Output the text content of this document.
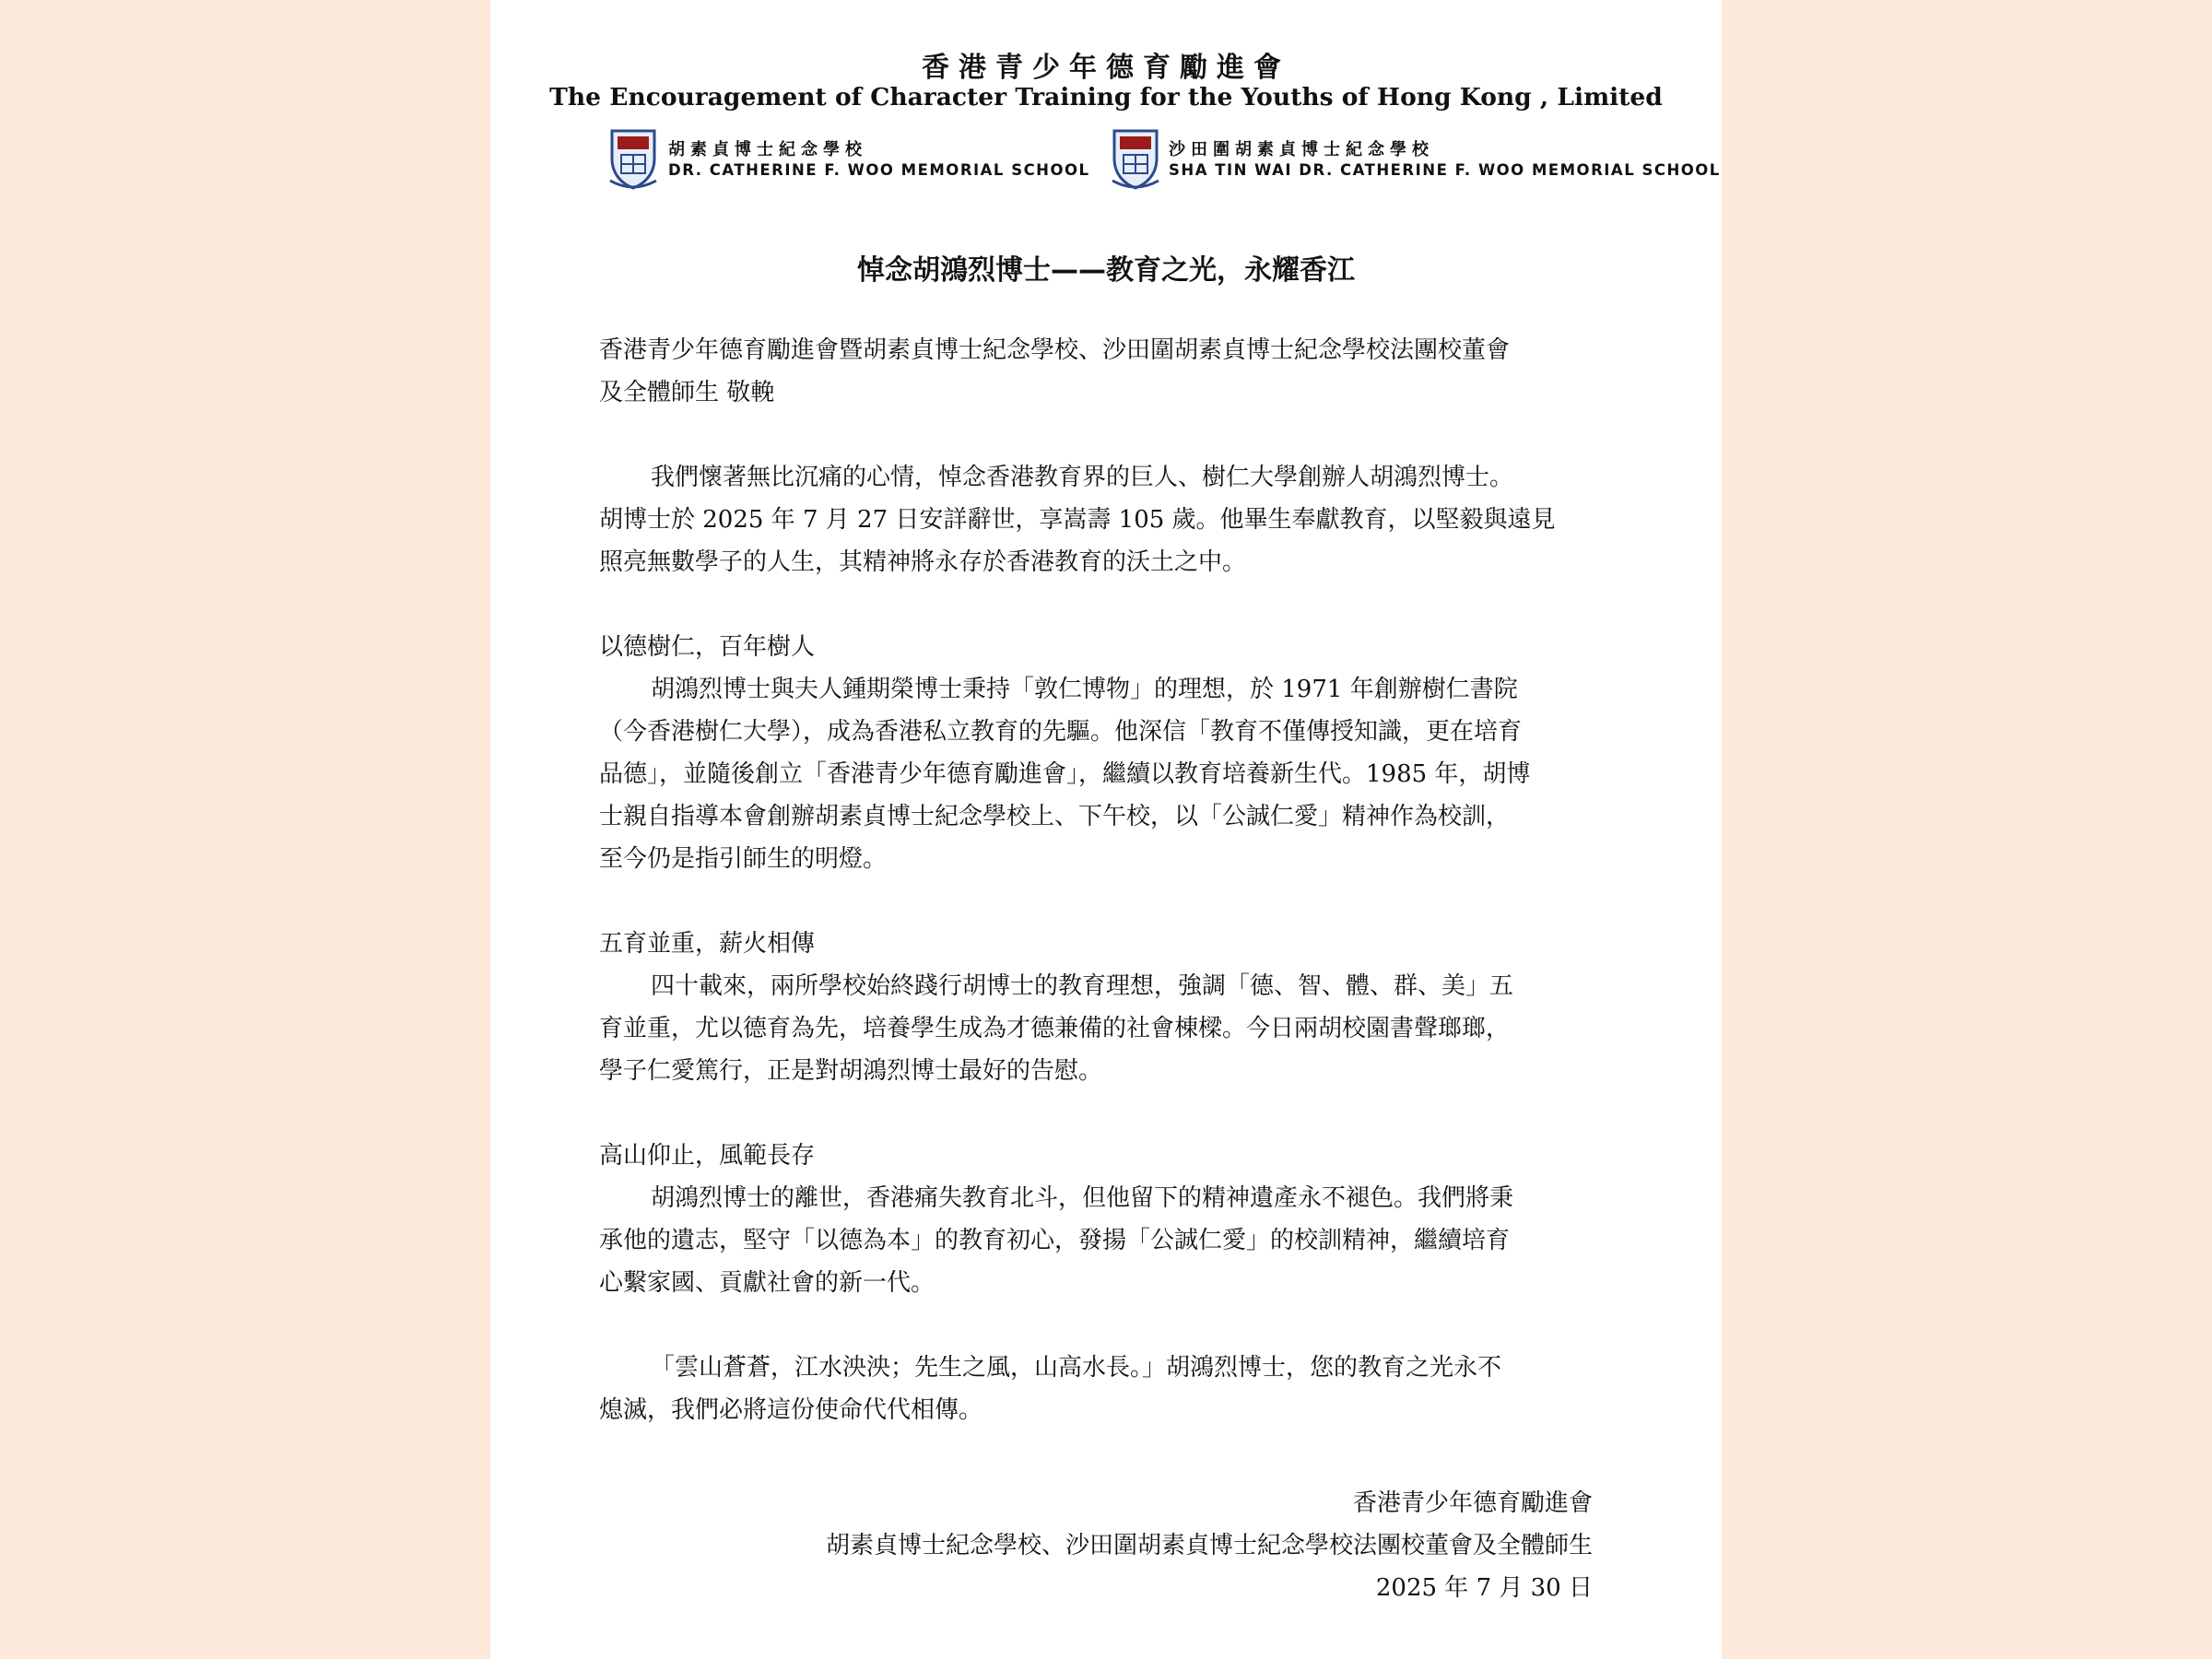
香港青少年德育勵進會
The Encouragement of Character Training for the Youths of Hong Kong , Limited
胡素貞博士紀念學校
DR. CATHERINE F. WOO MEMORIAL SCHOOL
沙田圍胡素貞博士紀念學校
SHA TIN WAI DR. CATHERINE F. WOO MEMORIAL SCHOOL
悼念胡鴻烈博士——教育之光，永耀香江

香港青少年德育勵進會暨胡素貞博士紀念學校、沙田圍胡素貞博士紀念學校法團校董會

及全體師生 敬輓

我們懷著無比沉痛的心情，悼念香港教育界的巨人、樹仁大學創辦人胡鴻烈博士。

胡博士於 2025 年 7 月 27 日安詳辭世，享嵩壽 105 歲。他畢生奉獻教育，以堅毅與遠見

照亮無數學子的人生，其精神將永存於香港教育的沃土之中。

以德樹仁，百年樹人

胡鴻烈博士與夫人鍾期榮博士秉持「敦仁博物」的理想，於 1971 年創辦樹仁書院

（今香港樹仁大學），成為香港私立教育的先驅。他深信「教育不僅傳授知識，更在培育

品德」，並隨後創立「香港青少年德育勵進會」，繼續以教育培養新生代。1985 年，胡博

士親自指導本會創辦胡素貞博士紀念學校上、下午校，以「公誠仁愛」精神作為校訓，

至今仍是指引師生的明燈。

五育並重，薪火相傳

四十載來，兩所學校始終踐行胡博士的教育理想，強調「德、智、體、群、美」五

育並重，尤以德育為先，培養學生成為才德兼備的社會棟樑。今日兩胡校園書聲瑯瑯，

學子仁愛篤行，正是對胡鴻烈博士最好的告慰。

高山仰止，風範長存

胡鴻烈博士的離世，香港痛失教育北斗，但他留下的精神遺產永不褪色。我們將秉

承他的遺志，堅守「以德為本」的教育初心，發揚「公誠仁愛」的校訓精神，繼續培育

心繫家國、貢獻社會的新一代。

「雲山蒼蒼，江水泱泱；先生之風，山高水長。」胡鴻烈博士，您的教育之光永不

熄滅，我們必將這份使命代代相傳。

香港青少年德育勵進會
胡素貞博士紀念學校、沙田圍胡素貞博士紀念學校法團校董會及全體師生
2025 年 7 月 30 日
